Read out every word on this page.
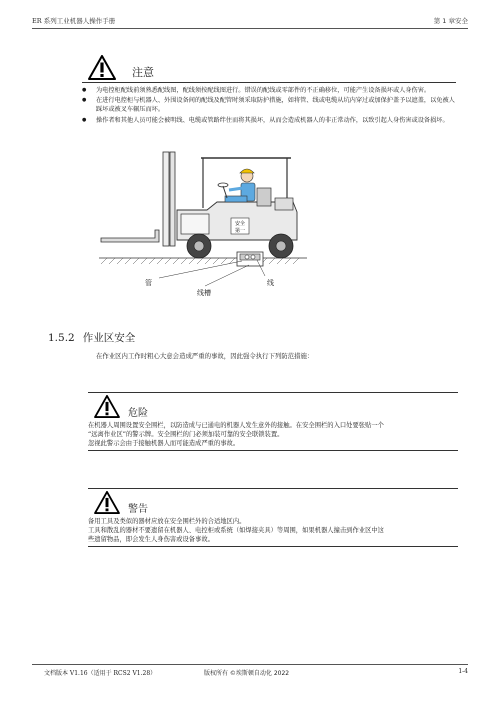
ER 系列工业机器人操作手册	第 1 章安全
注意
● 为电控柜配线前须熟悉配线图，配线须按配线图进行。错误的配线或零部件的不正确移位，可能产生设备损坏或人身伤害。
● 在进行电控柜与机器人、外围设备间的配线及配管时须采取防护措施，如将管、线或电缆从坑内穿过或加保护盖予以遮盖，以免被人踩坏或被叉车辗压而坏。
● 操作者和其他人员可能会被明线、电缆或管路绊住而将其损坏，从而会造成机器人的非正常动作，以致引起人身伤害或设备损坏。
安全
第一
管	线
线槽
1.5.2 作业区安全
在作业区内工作时粗心大意会造成严重的事故，因此强令执行下列防范措施：
危险
在机器人周围设置安全围栏，以防造成与已通电的机器人发生意外的接触。在安全围栏的入口处要张贴一个
“远离作业区”的警示牌。安全围栏的门必须加装可靠的安全联锁装置。
忽视此警示会由于接触机器人而可能造成严重的事故。
警告
备用工具及类似的器材应放在安全围栏外的合适地区内。
工具和散乱的器材不要遗留在机器人、电控柜或系统（如焊接夹具）等周围，如果机器人撞击到作业区中这
些遗留物品，即会发生人身伤害或设备事故。
文档版本 V1.16（适用于 RCS2 V1.28）	版权所有 ©埃斯顿自动化 2022	1-4
